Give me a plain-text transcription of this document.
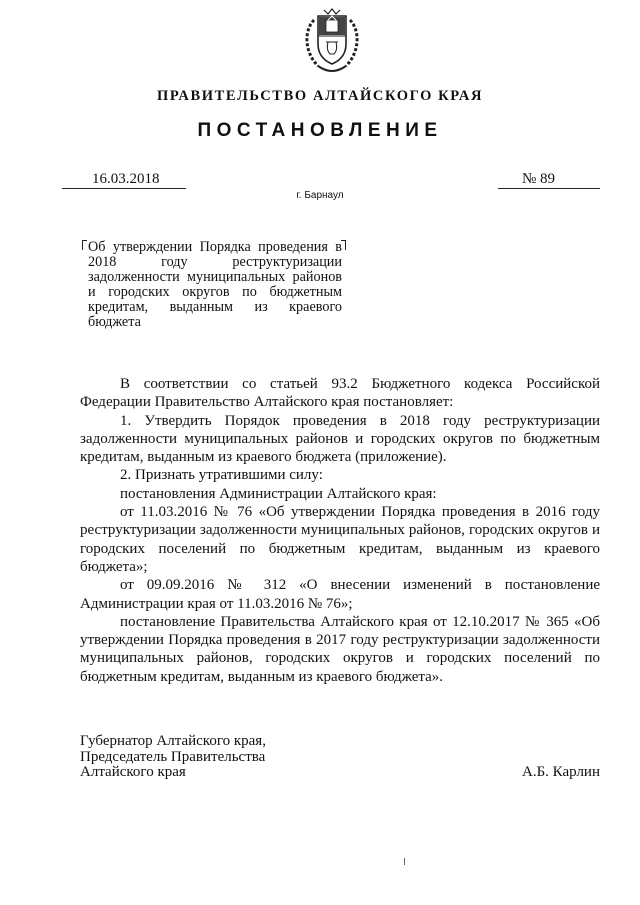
ПРАВИТЕЛЬСТВО АЛТАЙСКОГО КРАЯ
ПОСТАНОВЛЕНИЕ
16.03.2018	№ 89
г. Барнаул

Об утверждении Порядка проведения в 2018 году реструктуризации задолженности муниципальных районов и городских округов по бюджетным кредитам, выданным из краевого бюджета

В соответствии со статьей 93.2 Бюджетного кодекса Российской Федерации Правительство Алтайского края постановляет:

1. Утвердить Порядок проведения в 2018 году реструктуризации задолженности муниципальных районов и городских округов по бюджетным кредитам, выданным из краевого бюджета (приложение).

2. Признать утратившими силу:

постановления Администрации Алтайского края:

от 11.03.2016 № 76 «Об утверждении Порядка проведения в 2016 году реструктуризации задолженности муниципальных районов, городских округов и городских поселений по бюджетным кредитам, выданным из краевого бюджета»;

от 09.09.2016 № 312 «О внесении изменений в постановление Администрации края от 11.03.2016 № 76»;

постановление Правительства Алтайского края от 12.10.2017 № 365 «Об утверждении Порядка проведения в 2017 году реструктуризации задолженности муниципальных районов, городских округов и городских поселений по бюджетным кредитам, выданным из краевого бюджета».

Губернатор Алтайского края,

Председатель Правительства

Алтайского края	А.Б. Карлин
